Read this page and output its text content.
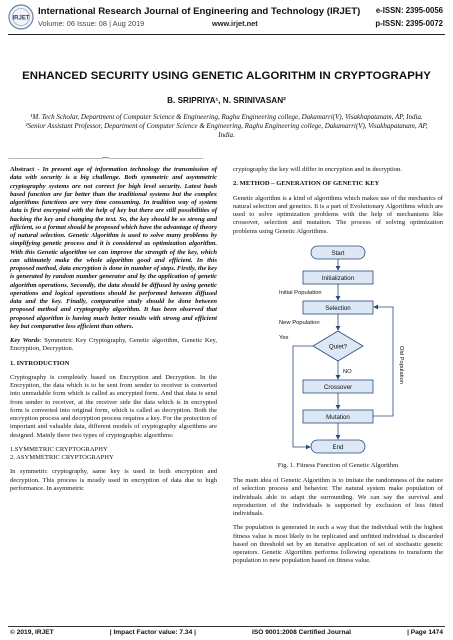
IRJET
International Research Journal of Engineering and Technology (IRJET)
Volume: 06 Issue: 08 | Aug 2019	www.irjet.net
e-ISSN: 2395-0056
p-ISSN: 2395-0072
ENHANCED SECURITY USING GENETIC ALGORITHM IN CRYPTOGRAPHY
B. SRIPRIYA¹, N. SRINIVASAN²
¹M. Tech Scholar, Department of Computer Science & Engineering, Raghu Engineering college, Dakamarri(V), Visakhapatanam, AP, India.
²Senior Assistant Professor, Department of Computer Science & Engineering, Raghu Engineering college, Dakamarri(V), Visakhapatanam, AP, India.
---------------------------------------------------------------------***---------------------------------------------------------------------

Abstract - In present age of information technology the transmission of data with security is a big challenge. Both symmetric and asymmetric cryptography systems are not correct for high level security. Latest hash based function are far better than the traditional systems but the complex algorithms functions are very time consuming. In tradition way of system data is first encrypted with the help of key but there are still possibilities of hacking the key and changing the text. So, the key should be so strong and efficient, so a format should be proposed which have the advantage of theory of natural selection. Genetic Algorithm is used to solve many problems by simplifying genetic process and it is considered as optimization algorithm. With this Genetic algorithm we can improve the strength of the key, which can ultimately make the whole algorithm good and efficient. In this proposed method, data encryption is done in number of steps. Firstly, the key is generated by random number generator and by the application of genetic algorithm operations. Secondly, the data should be diffused by using genetic operations and logical operations should be performed between diffused data and the key. Finally, comparative study should be done between proposed method and cryptography algorithm. It has been observed that proposed algorithm is having much better results with strong and efficient key but comparative less efficient than others.

Key Words: Symmetric Key Cryptography, Genetic algorithm, Genetic Key, Encryption, Decryption.

1. INTRODUCTION

Cryptography is completely based on Encryption and Decryption. In the Encryption, the data which is to be sent from sender to receiver is converted into unreadable form which is called as encrypted form. And that data is send from sender to receiver, at the receiver side the data which is in encrypted form is converted into original form, which is called as decryption. Both the encryption process and decryption process requires a key. For the protection of important and valuable data, different models of cryptography algorithms are designed. Mainly there two types of cryptographic algorithms:

1.SYMMETRIC CRYPTOGRAPHY
2. ASYMMETRIC CRYPTOGRAPHY

In symmetric cryptography, same key is used in both encryption and decryption. This process is mostly used in encryption of data due to high performance. In asymmetric

cryptography the key will differ in encryption and in decryption.

2. METHOD – GENERATION OF GENETIC KEY

Genetic algorithm is a kind of algorithms which makes use of the mechanics of natural selection and genetics. It is a part of Evolutionary Algorithms which are used to solve optimization problems with the help of mechanisms like crossover, selection and mutation. The process of solving optimization problems using Genetic Algorithms.

Start
Initialization
Initial Population
Selection
New Population
Quiet?
Yes
NO
Crossover
Mutation
End
Old Population
Fig. 1. Fitness Function of Genetic Algorithm

The main idea of Genetic Algorithm is to imitate the randomness of the nature of selection process and behavior. The natural system make population of individuals able to adapt the surrounding. We can say the survival and reproduction of the individuals is supported by exclusion of less fitted individuals.

The population is generated in such a way that the individual with the highest fitness value is most likely to be replicated and unfitted individual is discarded based on threshold set by an iterative application of set of stochastic genetic operators. Genetic Algorithm performs following operations to transform the population to new population based on fitness value.

© 2019, IRJET	| Impact Factor value: 7.34 |	ISO 9001:2008 Certified Journal	| Page 1474
